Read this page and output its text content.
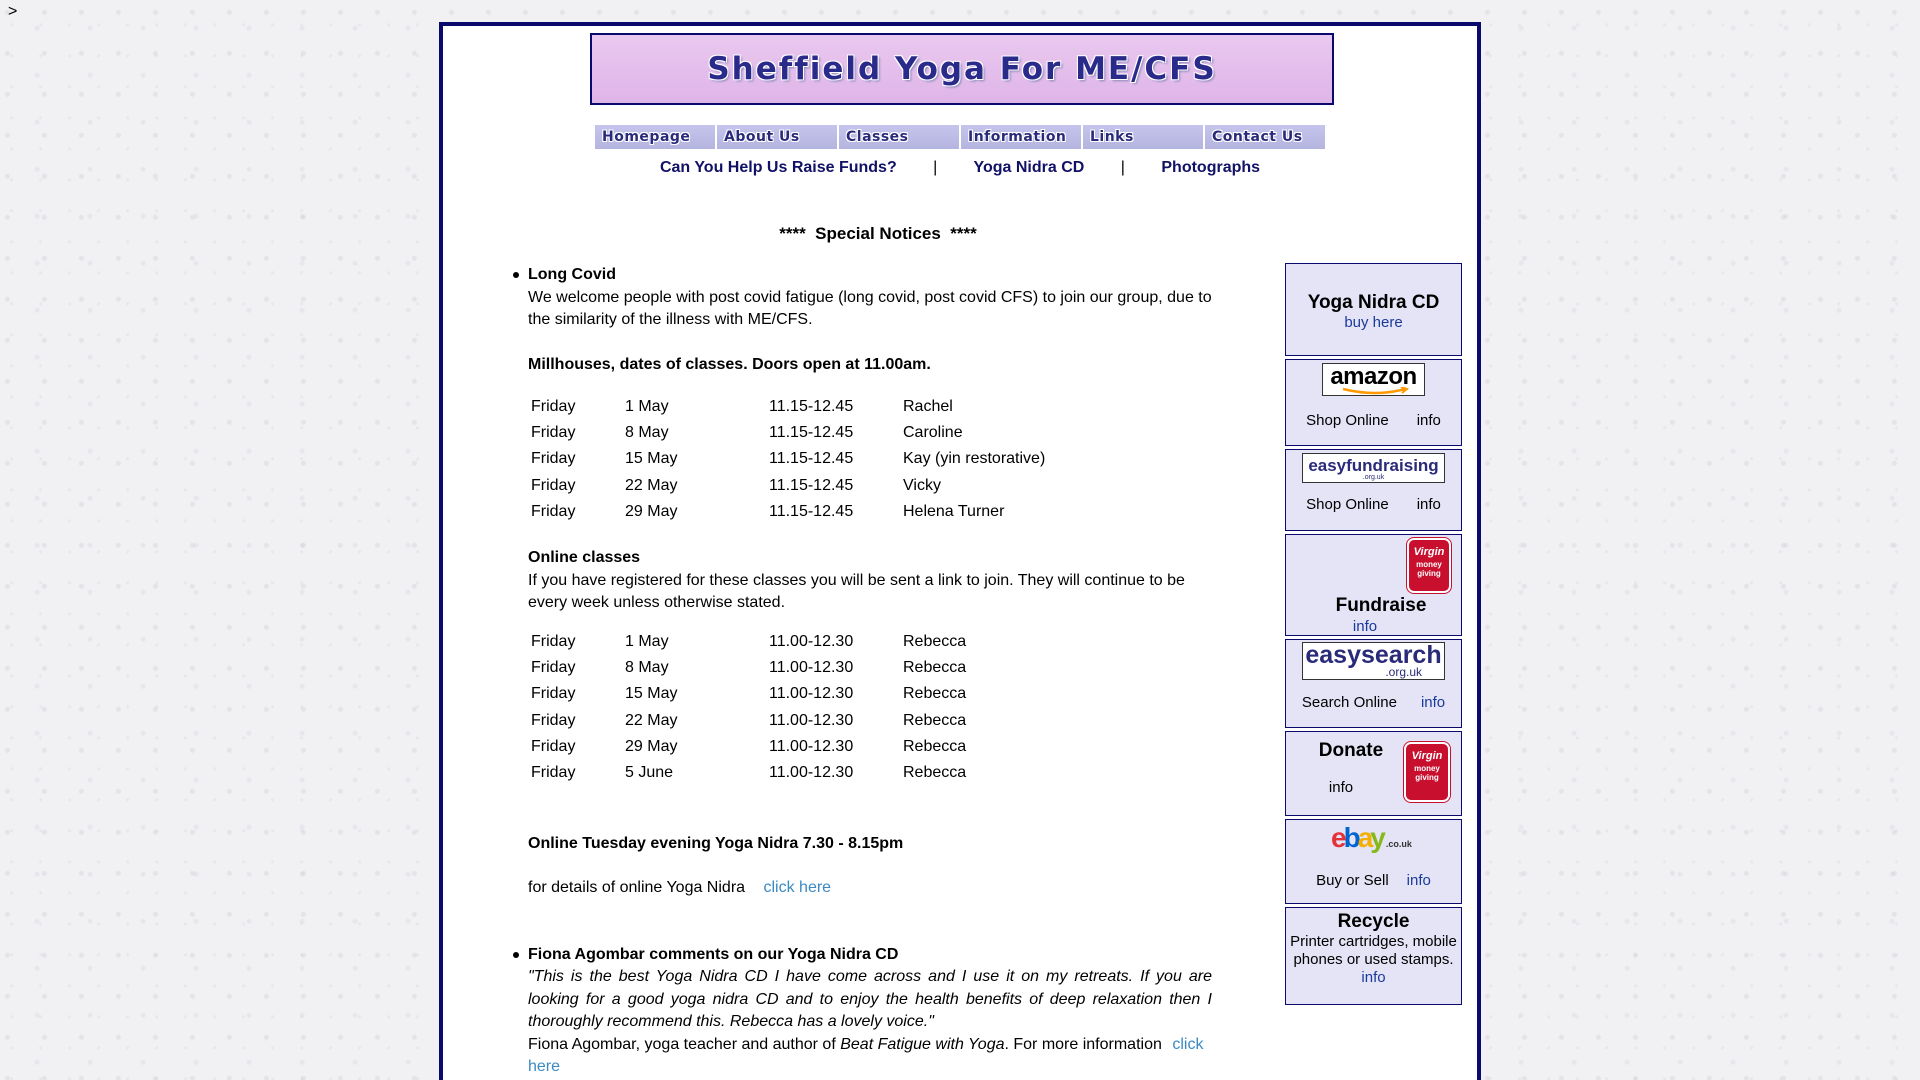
>
Sheffield Yoga For ME/CFS
Homepage	About Us	Classes	Information	Links	Contact Us
Can You Help Us Raise Funds? | Yoga Nidra CD | Photographs
****  Special Notices  ****
Long Covid

We welcome people with post covid fatigue (long covid, post covid CFS) to join our group, due to the similarity of the illness with ME/CFS.

Millhouses, dates of classes. Doors open at 11.00am.
Friday	1 May	11.15-12.45	Rachel
Friday	8 May	11.15-12.45	Caroline
Friday	15 May	11.15-12.45	Kay (yin restorative)
Friday	22 May	11.15-12.45	Vicky
Friday	29 May	11.15-12.45	Helena Turner
Online classes

If you have registered for these classes you will be sent a link to join. They will continue to be every week unless otherwise stated.

Friday	1 May	11.00-12.30	Rebecca
Friday	8 May	11.00-12.30	Rebecca
Friday	15 May	11.00-12.30	Rebecca
Friday	22 May	11.00-12.30	Rebecca
Friday	29 May	11.00-12.30	Rebecca
Friday	5 June	11.00-12.30	Rebecca
Online Tuesday evening Yoga Nidra 7.30 - 8.15pm
for details of online Yoga Nidra click here
Fiona Agombar comments on our Yoga Nidra CD

"This is the best Yoga Nidra CD I have come across and I use it on my retreats. If you are looking for a good yoga nidra CD and to enjoy the health benefits of deep relaxation then I thoroughly recommend this. Rebecca has a lovely voice."

Fiona Agombar, yoga teacher and author of Beat Fatigue with Yoga. For more information click here

Yoga Nidra CD
buy here
amazon
Shop Online info
easyfundraising
.org.uk
Shop Online info
Virgin
money giving
Fundraise
info
easysearch
.org.uk
Search Online info
Donate
info
Virgin
money giving
ebay.co.uk
Buy or Sell info
Recycle
Printer cartridges, mobile phones or used stamps.
info
